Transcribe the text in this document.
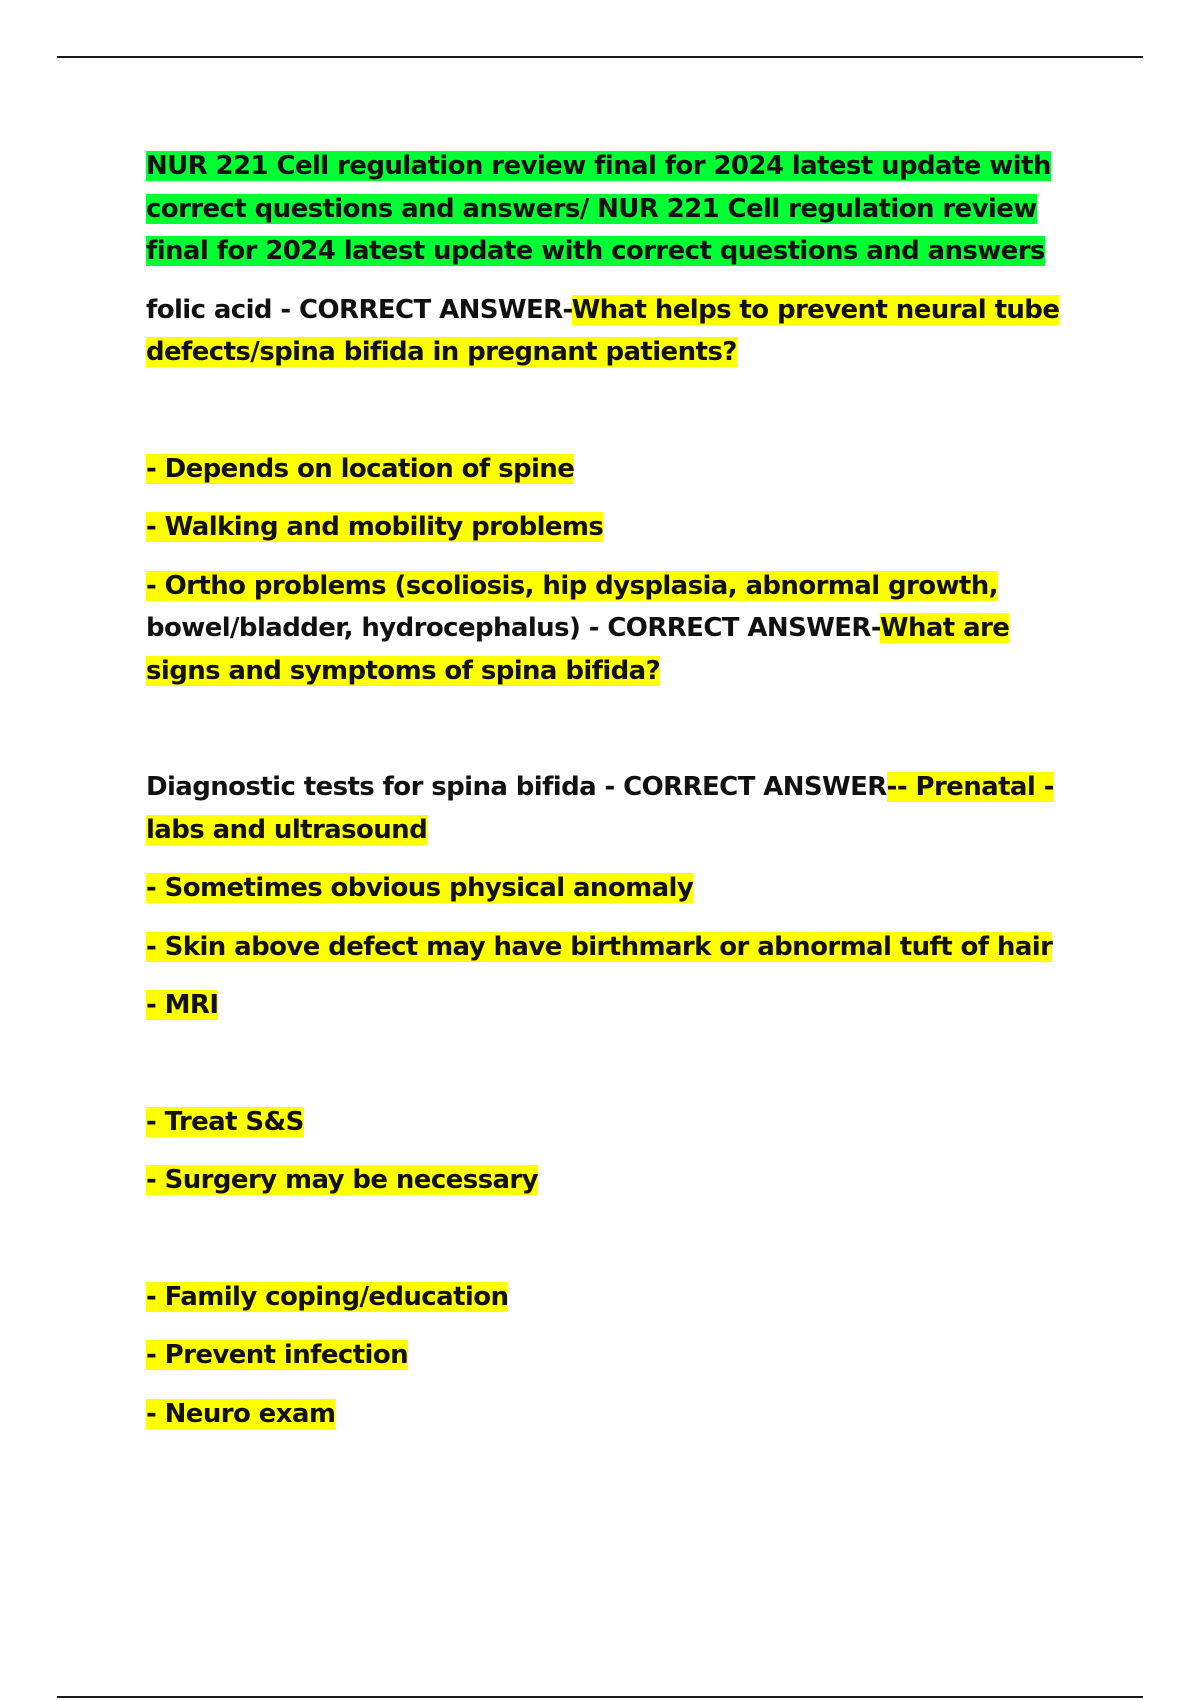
NUR 221 Cell regulation review final for 2024 latest update with correct questions and answers/ NUR 221 Cell regulation review final for 2024 latest update with correct questions and answers

folic acid - CORRECT ANSWER-What helps to prevent neural tube defects/spina bifida in pregnant patients?

- Depends on location of spine

- Walking and mobility problems

- Ortho problems (scoliosis, hip dysplasia, abnormal growth,
bowel/bladder, hydrocephalus) - CORRECT ANSWER-What are signs and symptoms of spina bifida?

Diagnostic tests for spina bifida - CORRECT ANSWER-- Prenatal - labs and ultrasound

- Sometimes obvious physical anomaly

- Skin above defect may have birthmark or abnormal tuft of hair

- MRI

- Treat S&S

- Surgery may be necessary

- Family coping/education

- Prevent infection

- Neuro exam
